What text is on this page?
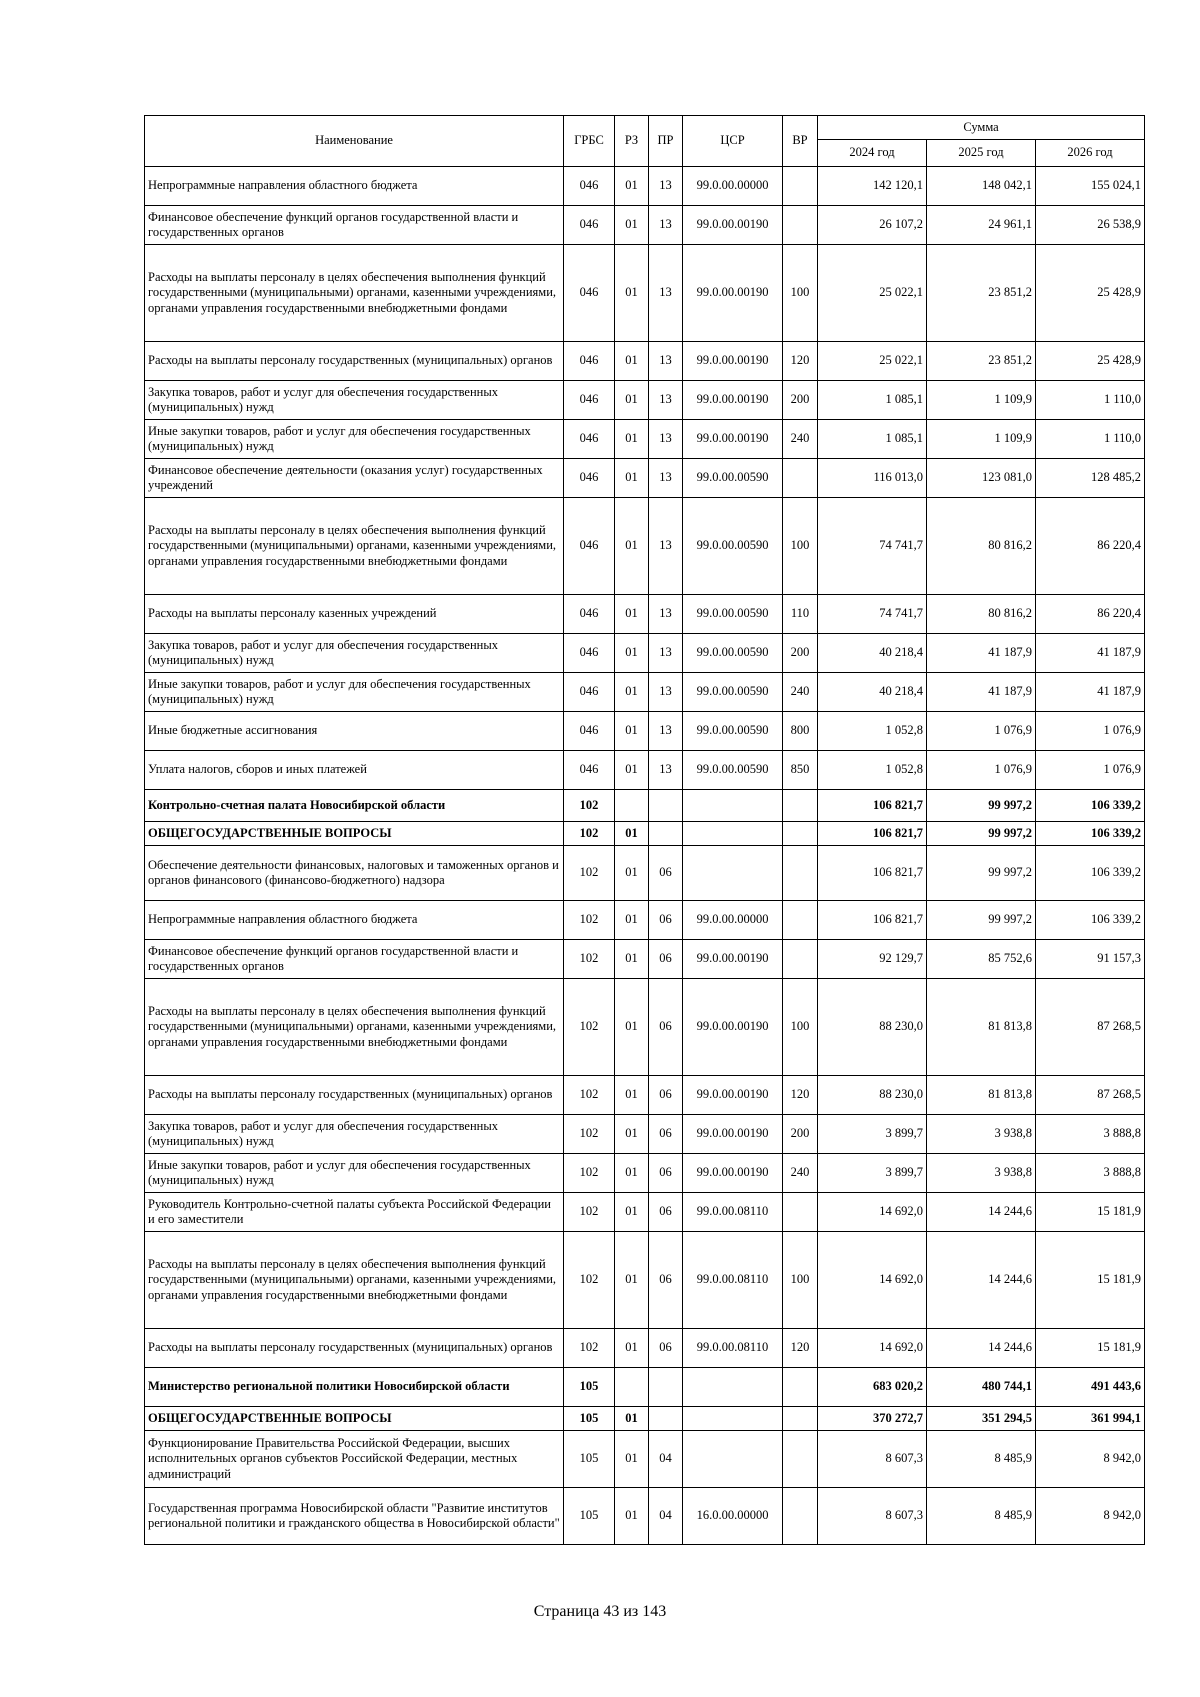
Наименование	ГРБС	РЗ	ПР	ЦСР	ВР	Сумма		
						2024 год	2025 год	2026 год
Непрограммные направления областного бюджета	046	01	13	99.0.00.00000		142 120,1	148 042,1	155 024,1
Финансовое обеспечение функций органов государственной власти и государственных органов	046	01	13	99.0.00.00190		26 107,2	24 961,1	26 538,9
Расходы на выплаты персоналу в целях обеспечения выполнения функций государственными (муниципальными) органами, казенными учреждениями, органами управления государственными внебюджетными фондами	046	01	13	99.0.00.00190	100	25 022,1	23 851,2	25 428,9
Расходы на выплаты персоналу государственных (муниципальных) органов	046	01	13	99.0.00.00190	120	25 022,1	23 851,2	25 428,9
Закупка товаров, работ и услуг для обеспечения государственных (муниципальных) нужд	046	01	13	99.0.00.00190	200	1 085,1	1 109,9	1 110,0
Иные закупки товаров, работ и услуг для обеспечения государственных (муниципальных) нужд	046	01	13	99.0.00.00190	240	1 085,1	1 109,9	1 110,0
Финансовое обеспечение деятельности (оказания услуг) государственных учреждений	046	01	13	99.0.00.00590		116 013,0	123 081,0	128 485,2
Расходы на выплаты персоналу в целях обеспечения выполнения функций государственными (муниципальными) органами, казенными учреждениями, органами управления государственными внебюджетными фондами	046	01	13	99.0.00.00590	100	74 741,7	80 816,2	86 220,4
Расходы на выплаты персоналу казенных учреждений	046	01	13	99.0.00.00590	110	74 741,7	80 816,2	86 220,4
Закупка товаров, работ и услуг для обеспечения государственных (муниципальных) нужд	046	01	13	99.0.00.00590	200	40 218,4	41 187,9	41 187,9
Иные закупки товаров, работ и услуг для обеспечения государственных (муниципальных) нужд	046	01	13	99.0.00.00590	240	40 218,4	41 187,9	41 187,9
Иные бюджетные ассигнования	046	01	13	99.0.00.00590	800	1 052,8	1 076,9	1 076,9
Уплата налогов, сборов и иных платежей	046	01	13	99.0.00.00590	850	1 052,8	1 076,9	1 076,9
Контрольно-счетная палата Новосибирской области	102					106 821,7	99 997,2	106 339,2
ОБЩЕГОСУДАРСТВЕННЫЕ ВОПРОСЫ	102	01				106 821,7	99 997,2	106 339,2
Обеспечение деятельности финансовых, налоговых и таможенных органов и органов финансового (финансово-бюджетного) надзора	102	01	06			106 821,7	99 997,2	106 339,2
Непрограммные направления областного бюджета	102	01	06	99.0.00.00000		106 821,7	99 997,2	106 339,2
Финансовое обеспечение функций органов государственной власти и государственных органов	102	01	06	99.0.00.00190		92 129,7	85 752,6	91 157,3
Расходы на выплаты персоналу в целях обеспечения выполнения функций государственными (муниципальными) органами, казенными учреждениями, органами управления государственными внебюджетными фондами	102	01	06	99.0.00.00190	100	88 230,0	81 813,8	87 268,5
Расходы на выплаты персоналу государственных (муниципальных) органов	102	01	06	99.0.00.00190	120	88 230,0	81 813,8	87 268,5
Закупка товаров, работ и услуг для обеспечения государственных (муниципальных) нужд	102	01	06	99.0.00.00190	200	3 899,7	3 938,8	3 888,8
Иные закупки товаров, работ и услуг для обеспечения государственных (муниципальных) нужд	102	01	06	99.0.00.00190	240	3 899,7	3 938,8	3 888,8
Руководитель Контрольно-счетной палаты субъекта Российской Федерации и его заместители	102	01	06	99.0.00.08110		14 692,0	14 244,6	15 181,9
Расходы на выплаты персоналу в целях обеспечения выполнения функций государственными (муниципальными) органами, казенными учреждениями, органами управления государственными внебюджетными фондами	102	01	06	99.0.00.08110	100	14 692,0	14 244,6	15 181,9
Расходы на выплаты персоналу государственных (муниципальных) органов	102	01	06	99.0.00.08110	120	14 692,0	14 244,6	15 181,9
Министерство региональной политики Новосибирской области	105					683 020,2	480 744,1	491 443,6
ОБЩЕГОСУДАРСТВЕННЫЕ ВОПРОСЫ	105	01				370 272,7	351 294,5	361 994,1
Функционирование Правительства Российской Федерации, высших исполнительных органов субъектов Российской Федерации, местных администраций	105	01	04			8 607,3	8 485,9	8 942,0
Государственная программа Новосибирской области "Развитие институтов региональной политики и гражданского общества в Новосибирской области"	105	01	04	16.0.00.00000		8 607,3	8 485,9	8 942,0
Страница 43 из 143
